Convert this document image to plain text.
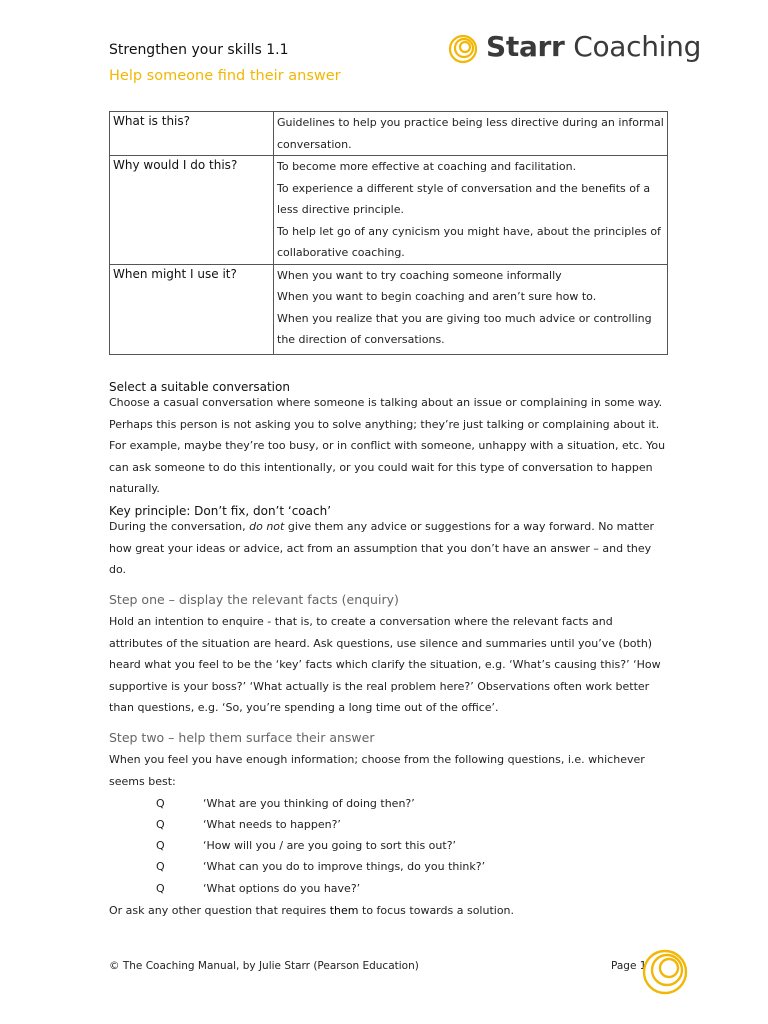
Strengthen your skills 1.1
Help someone find their answer
Starr Coaching
What is this?	Guidelines to help you practice being less directive during an informal
conversation.

Why would I do this?	To become more effective at coaching and facilitation.
To experience a different style of conversation and the benefits of a
less directive principle.
To help let go of any cynicism you might have, about the principles of
collaborative coaching.

When might I use it?	When you want to try coaching someone informally
When you want to begin coaching and aren’t sure how to.
When you realize that you are giving too much advice or controlling
the direction of conversations.
Select a suitable conversation
Choose a casual conversation where someone is talking about an issue or complaining in some way. Perhaps this person is not asking you to solve anything; they’re just talking or complaining about it. For example, maybe they’re too busy, or in conflict with someone, unhappy with a situation, etc. You can ask someone to do this intentionally, or you could wait for this type of conversation to happen naturally.
Key principle: Don’t fix, don’t ‘coach’
During the conversation, do not give them any advice or suggestions for a way forward. No matter how great your ideas or advice, act from an assumption that you don’t have an answer – and they do.
Step one – display the relevant facts (enquiry)
Hold an intention to enquire - that is, to create a conversation where the relevant facts and attributes of the situation are heard. Ask questions, use silence and summaries until you’ve (both) heard what you feel to be the ‘key’ facts which clarify the situation, e.g. ‘What’s causing this?’ ‘How supportive is your boss?’ ‘What actually is the real problem here?’ Observations often work better than questions, e.g. ‘So, you’re spending a long time out of the office’.
Step two – help them surface their answer
When you feel you have enough information; choose from the following questions, i.e. whichever seems best:
Q	‘What are you thinking of doing then?’
Q	‘What needs to happen?’
Q	‘How will you / are you going to sort this out?’
Q	‘What can you do to improve things, do you think?’
Q	‘What options do you have?’
Or ask any other question that requires them to focus towards a solution.
© The Coaching Manual, by Julie Starr (Pearson Education)	Page 1
